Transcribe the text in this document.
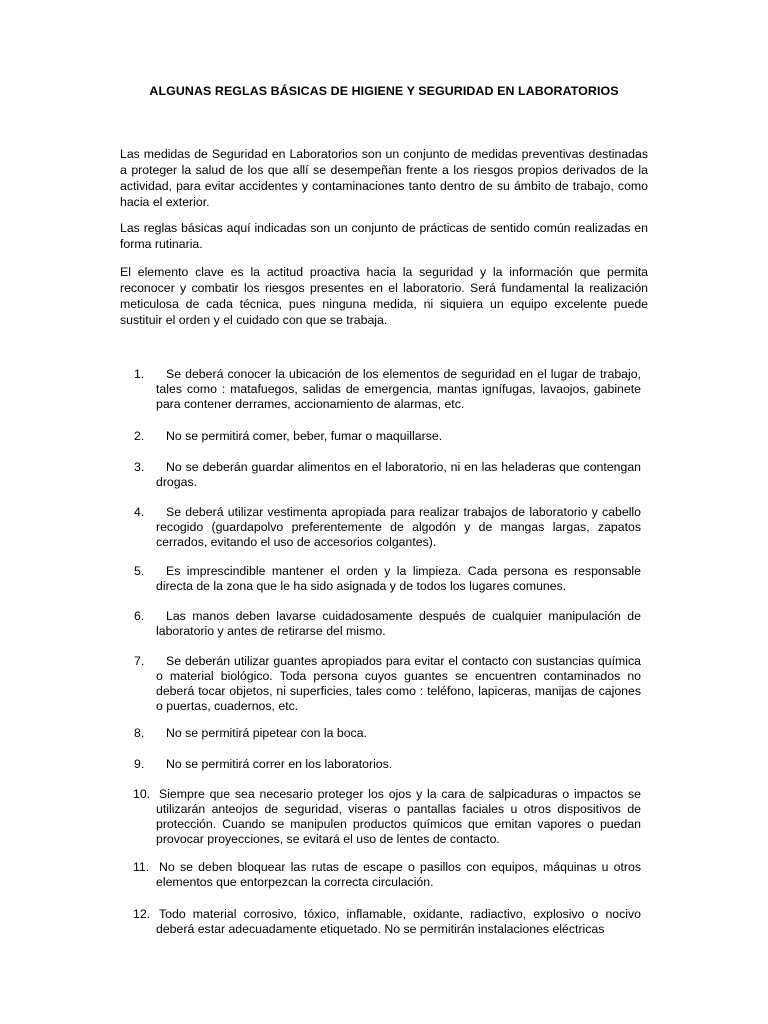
ALGUNAS REGLAS BÁSICAS DE HIGIENE Y SEGURIDAD EN LABORATORIOS

Las medidas de Seguridad en Laboratorios son un conjunto de medidas preventivas destinadas a proteger la salud de los que allí se desempeñan frente a los riesgos propios derivados de la actividad, para evitar accidentes y contaminaciones tanto dentro de su ámbito de trabajo, como hacia el exterior.

Las reglas básicas aquí indicadas son un conjunto de prácticas de sentido común realizadas en forma rutinaria.

El elemento clave es la actitud proactiva hacia la seguridad y la información que permita reconocer y combatir los riesgos presentes en el laboratorio. Será fundamental la realización meticulosa de cada técnica, pues ninguna medida, ni siquiera un equipo excelente puede sustituir el orden y el cuidado con que se trabaja.

1.	Se deberá conocer la ubicación de los elementos de seguridad en el lugar de trabajo, tales como : matafuegos, salidas de emergencia, mantas ignífugas, lavaojos, gabinete para contener derrames, accionamiento de alarmas, etc.

2.	No se permitirá comer, beber, fumar o maquillarse.

3.	No se deberán guardar alimentos en el laboratorio, ni en las heladeras que contengan drogas.

4.	Se deberá utilizar vestimenta apropiada para realizar trabajos de laboratorio y cabello recogido (guardapolvo preferentemente de algodón y de mangas largas, zapatos cerrados, evitando el uso de accesorios colgantes).

5.	Es imprescindible mantener el orden y la limpieza. Cada persona es responsable directa de la zona que le ha sido asignada y de todos los lugares comunes.

6.	Las manos deben lavarse cuidadosamente después de cualquier manipulación de laboratorio y antes de retirarse del mismo.

7.	Se deberán utilizar guantes apropiados para evitar el contacto con sustancias química o material biológico. Toda persona cuyos guantes se encuentren contaminados no deberá tocar objetos, ni superficies, tales como : teléfono, lapiceras, manijas de cajones o puertas, cuadernos, etc.

8.	No se permitirá pipetear con la boca.

9.	No se permitirá correr en los laboratorios.

10. Siempre que sea necesario proteger los ojos y la cara de salpicaduras o impactos se utilizarán anteojos de seguridad, viseras o pantallas faciales u otros dispositivos de protección. Cuando se manipulen productos químicos que emitan vapores o puedan provocar proyecciones, se evitará el uso de lentes de contacto.

11. No se deben bloquear las rutas de escape o pasillos con equipos, máquinas u otros elementos que entorpezcan la correcta circulación.

12. Todo material corrosivo, tóxico, inflamable, oxidante, radiactivo, explosivo o nocivo deberá estar adecuadamente etiquetado. No se permitirán instalaciones eléctricas
